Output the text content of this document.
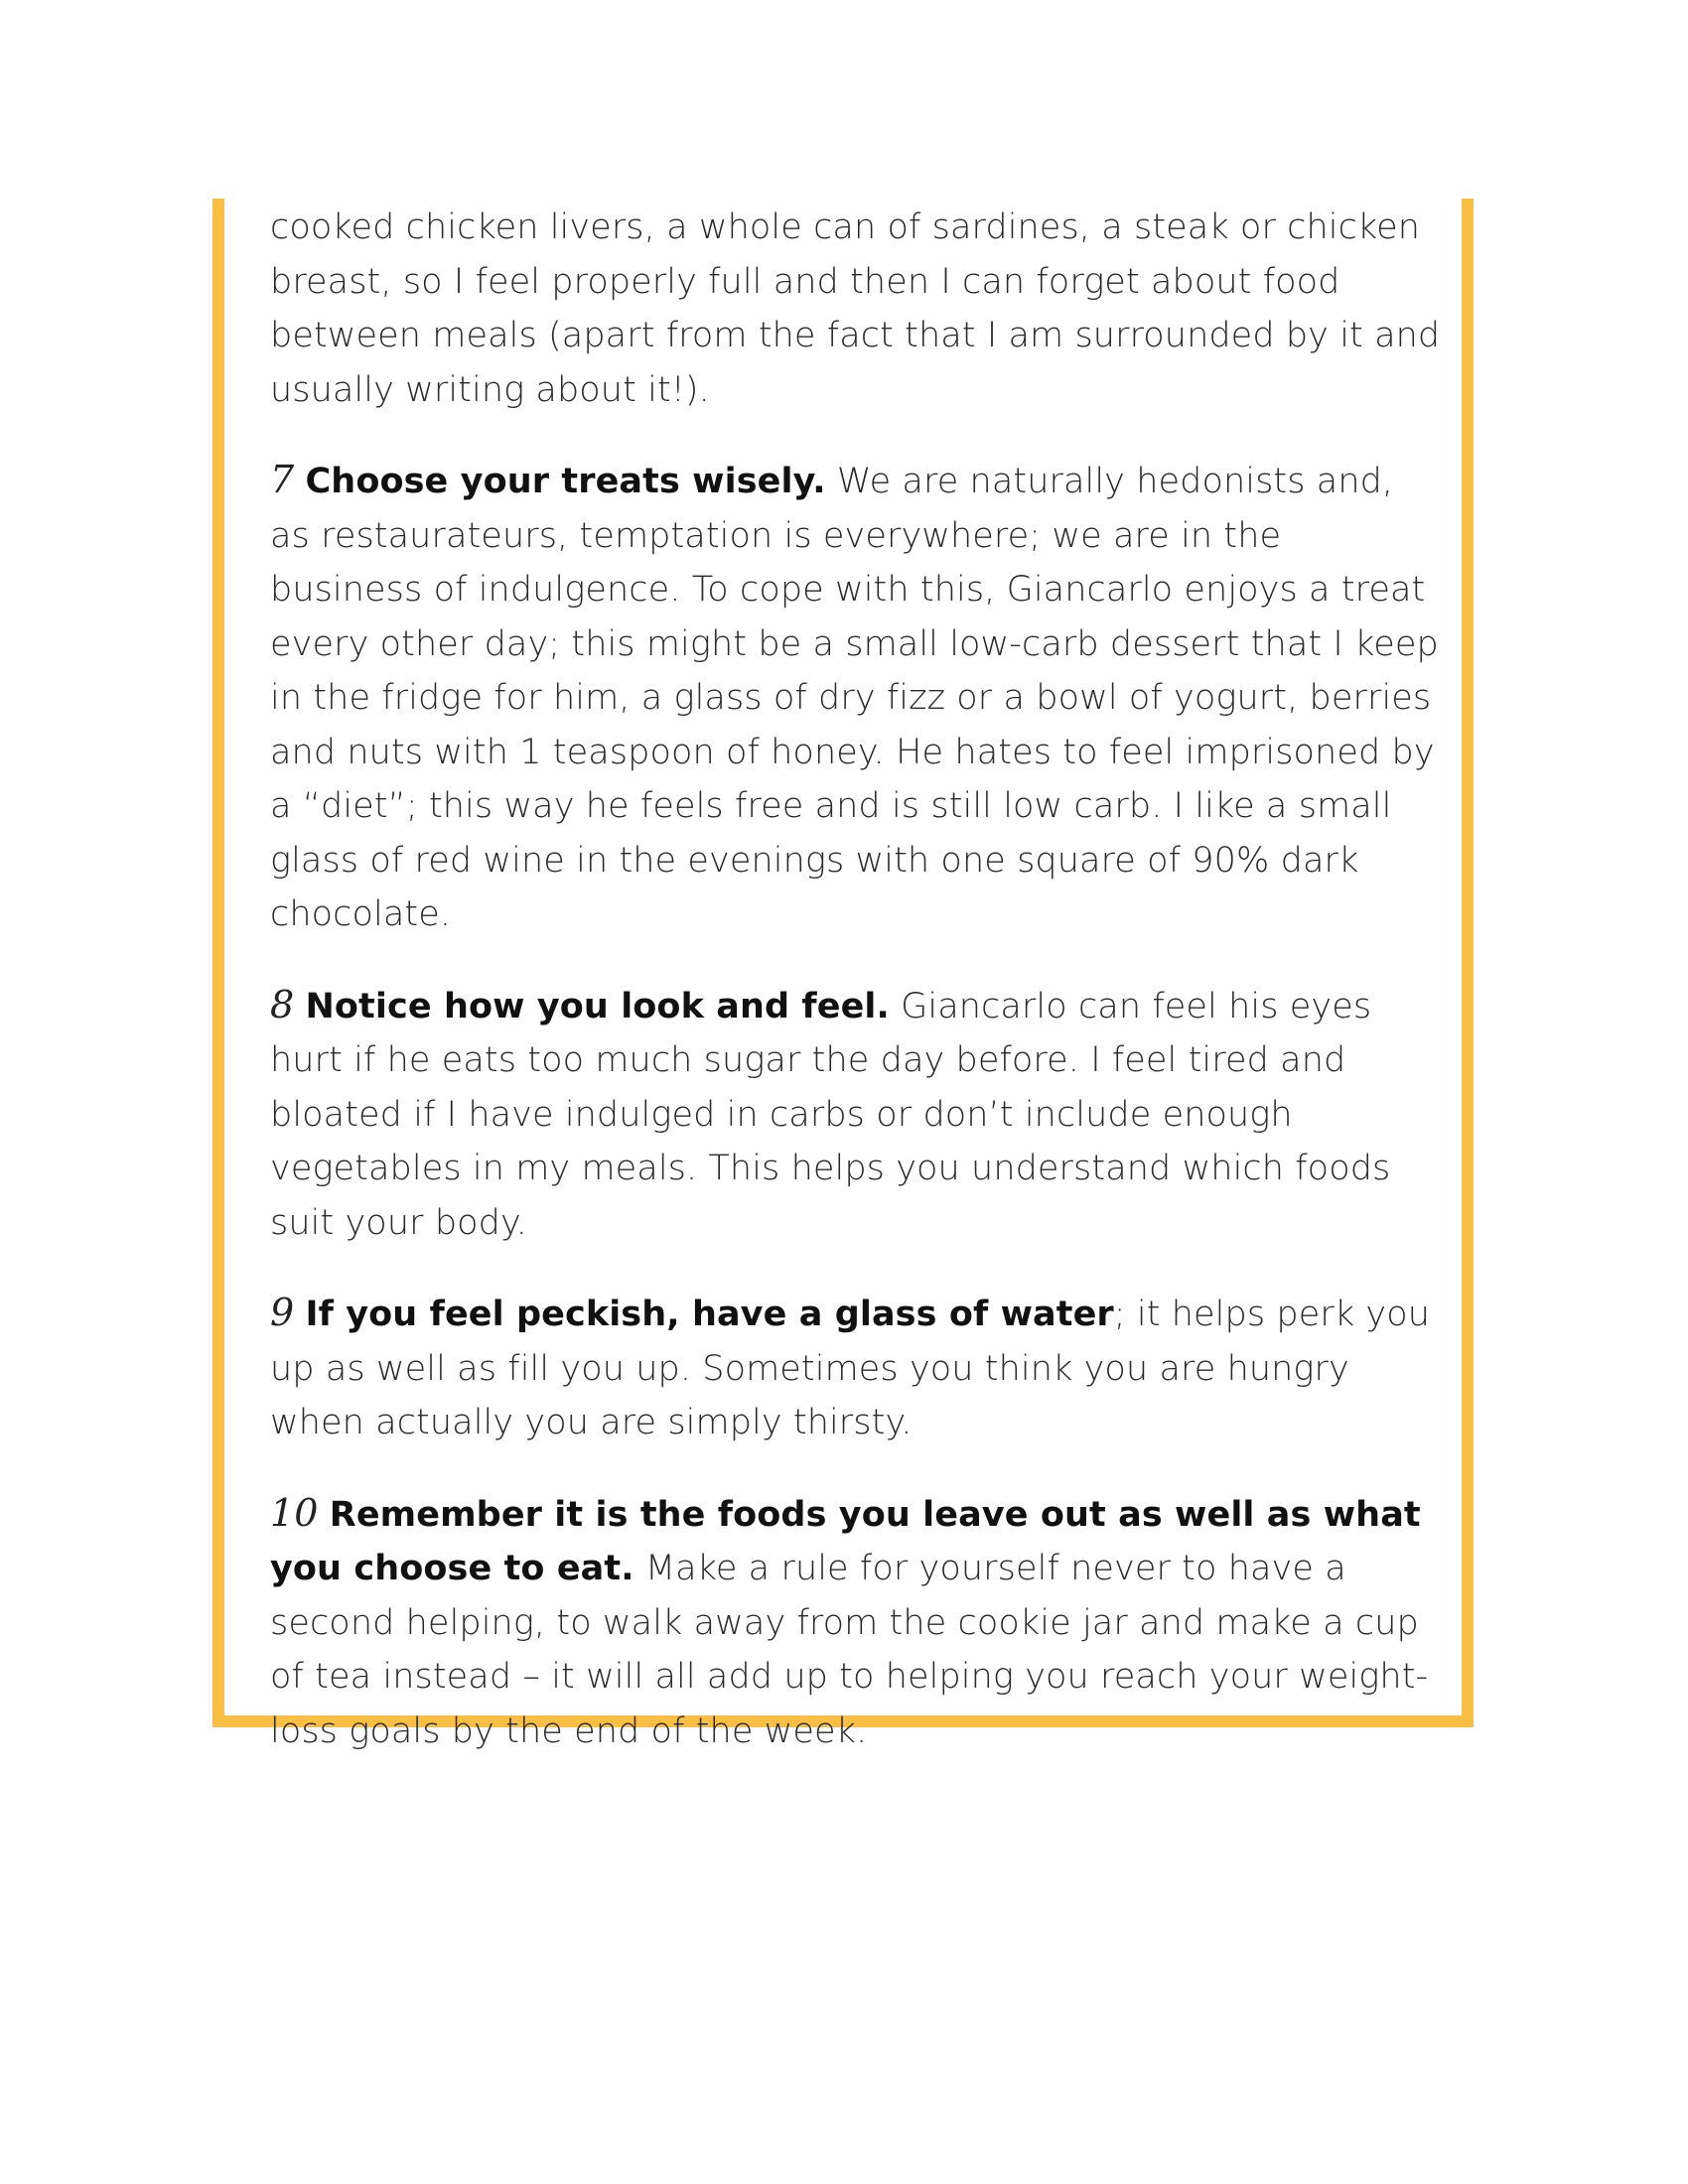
cooked chicken livers, a whole can of sardines, a steak or chicken breast, so I feel properly full and then I can forget about food between meals (apart from the fact that I am surrounded by it and usually writing about it!).

7 Choose your treats wisely. We are naturally hedonists and, as restaurateurs, temptation is everywhere; we are in the business of indulgence. To cope with this, Giancarlo enjoys a treat every other day; this might be a small low-carb dessert that I keep in the fridge for him, a glass of dry fizz or a bowl of yogurt, berries and nuts with 1 teaspoon of honey. He hates to feel imprisoned by a “diet”; this way he feels free and is still low carb. I like a small glass of red wine in the evenings with one square of 90% dark chocolate.

8 Notice how you look and feel. Giancarlo can feel his eyes hurt if he eats too much sugar the day before. I feel tired and bloated if I have indulged in carbs or don’t include enough vegetables in my meals. This helps you understand which foods suit your body.

9 If you feel peckish, have a glass of water; it helps perk you up as well as fill you up. Sometimes you think you are hungry when actually you are simply thirsty.

10 Remember it is the foods you leave out as well as what you choose to eat. Make a rule for yourself never to have a second helping, to walk away from the cookie jar and make a cup of tea instead – it will all add up to helping you reach your weight-loss goals by the end of the week.
